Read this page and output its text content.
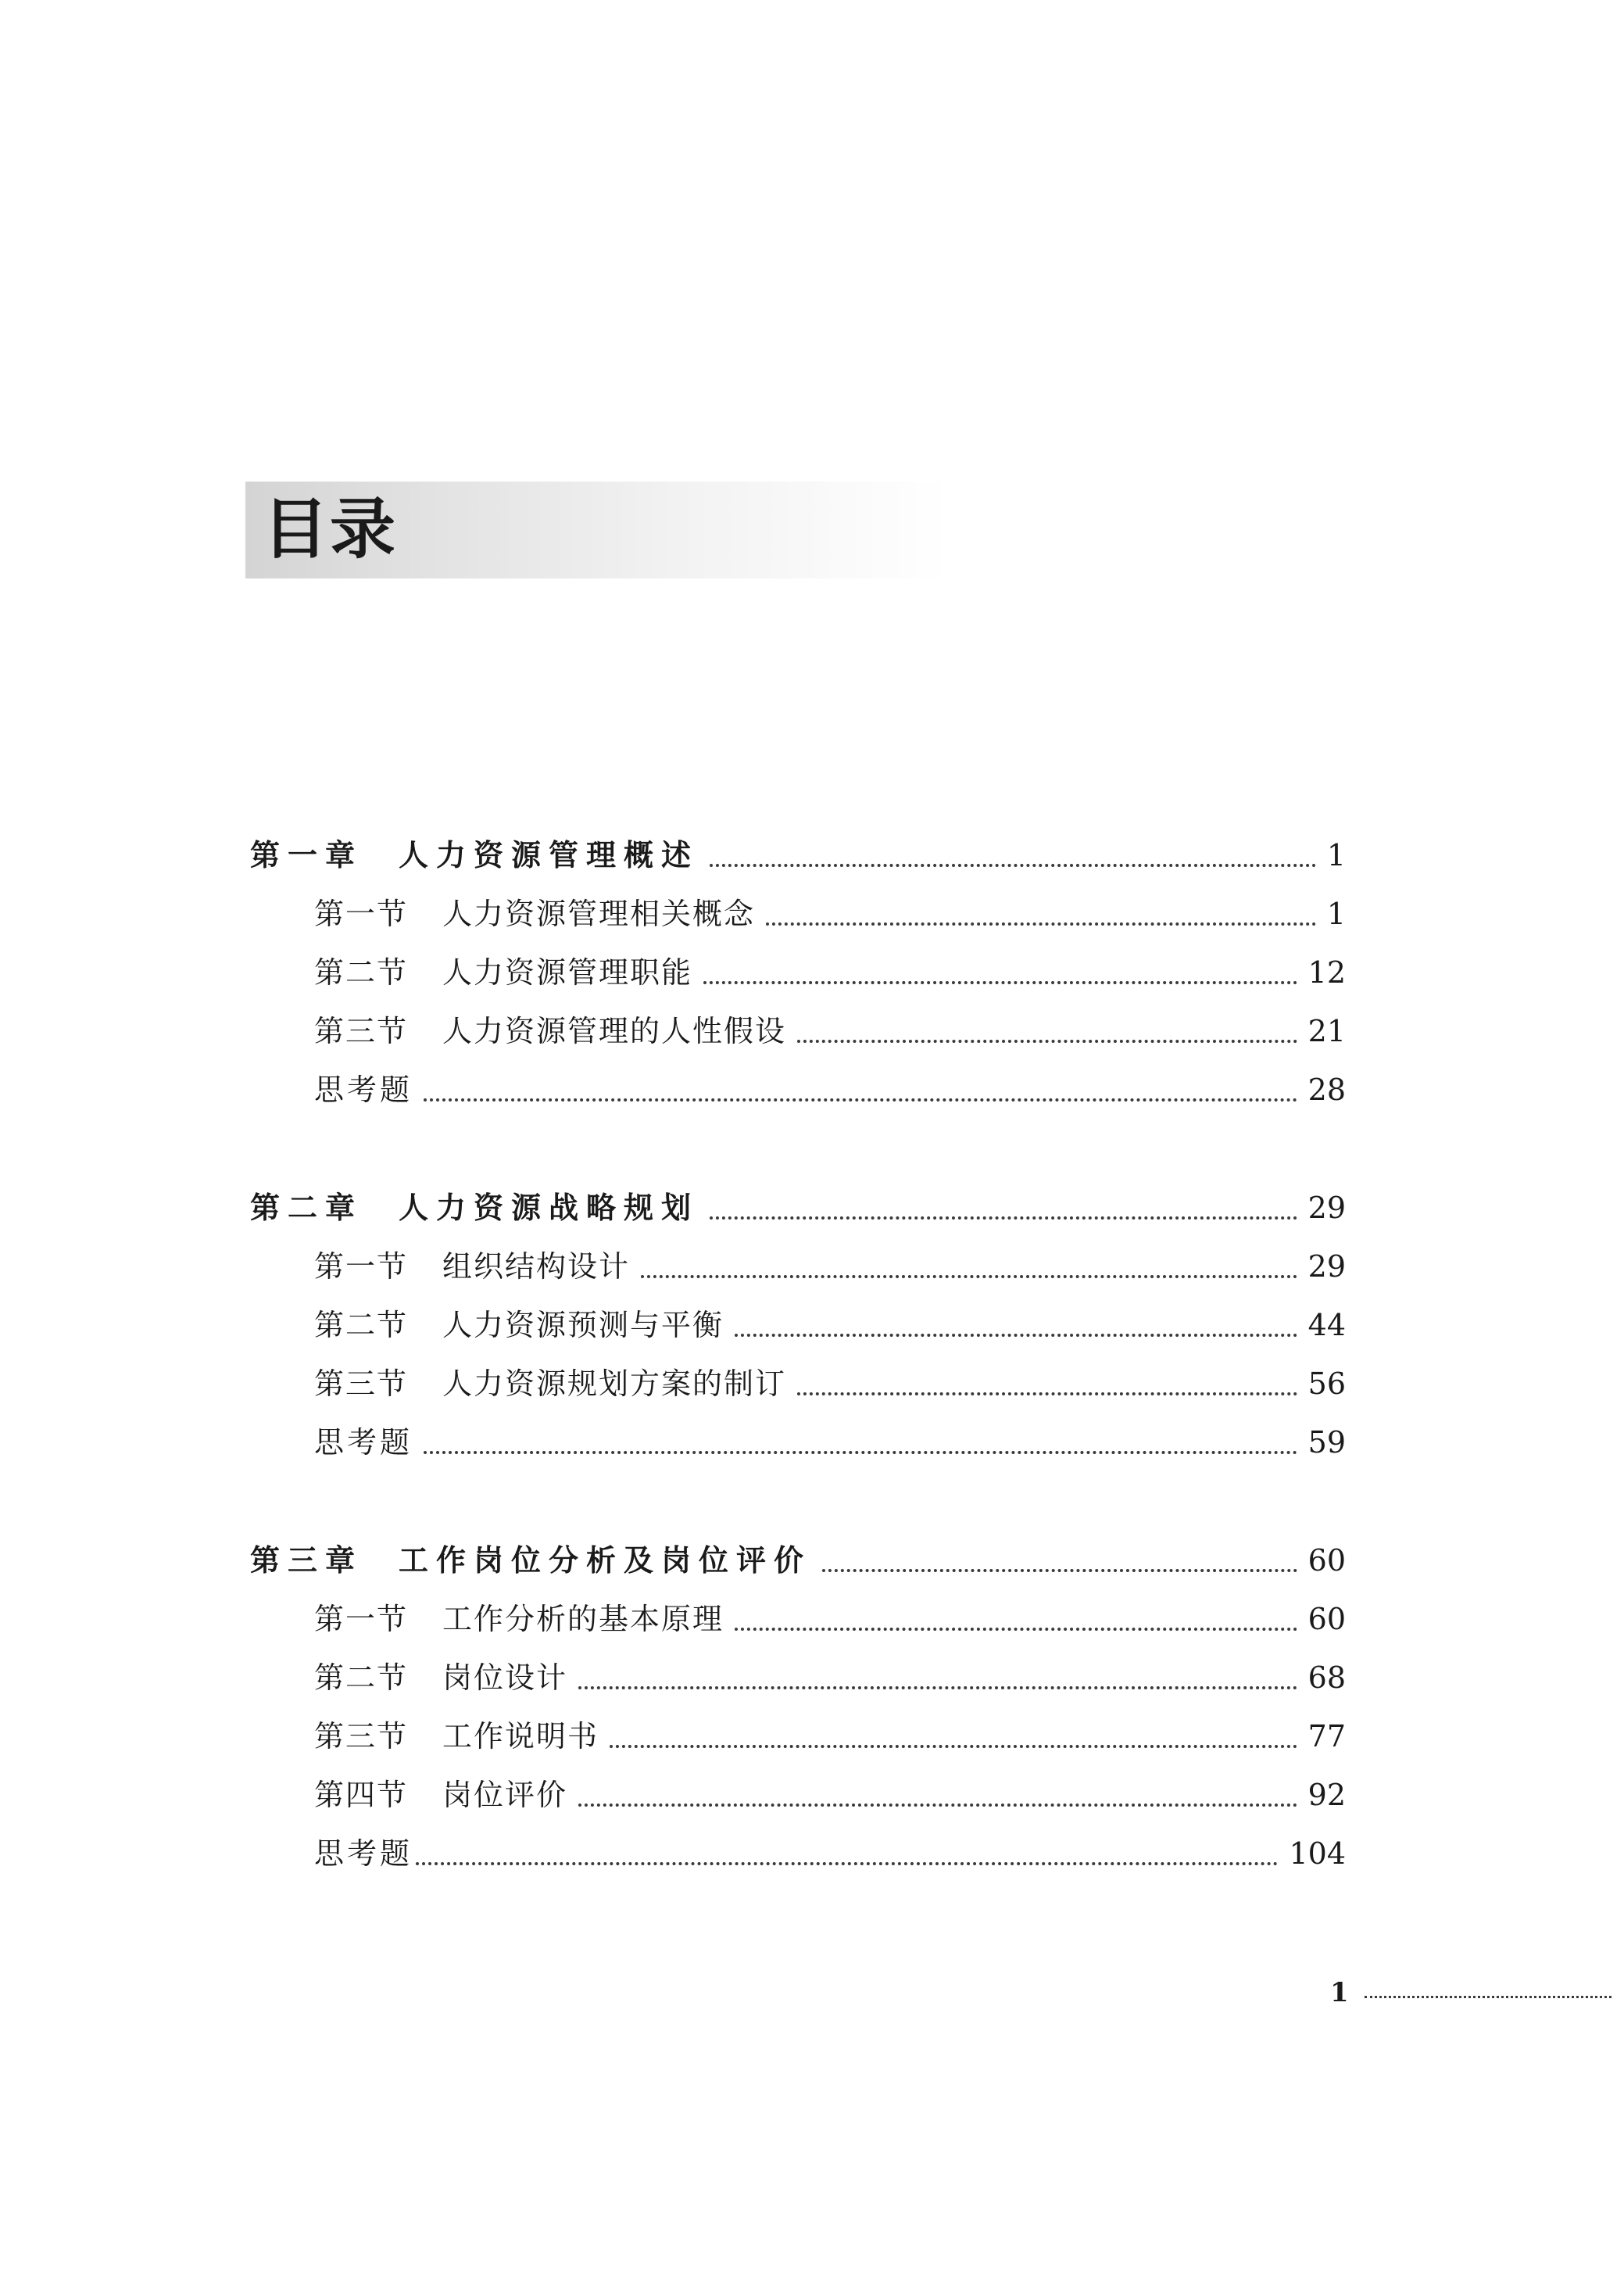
目录
第一章 人力资源管理概述	1
第一节 人力资源管理相关概念	1
第二节 人力资源管理职能	12
第三节 人力资源管理的人性假设	21
思考题	28
第二章 人力资源战略规划	29
第一节 组织结构设计	29
第二节 人力资源预测与平衡	44
第三节 人力资源规划方案的制订	56
思考题	59
第三章 工作岗位分析及岗位评价	60
第一节 工作分析的基本原理	60
第二节 岗位设计	68
第三节 工作说明书	77
第四节 岗位评价	92
思考题	104
1
